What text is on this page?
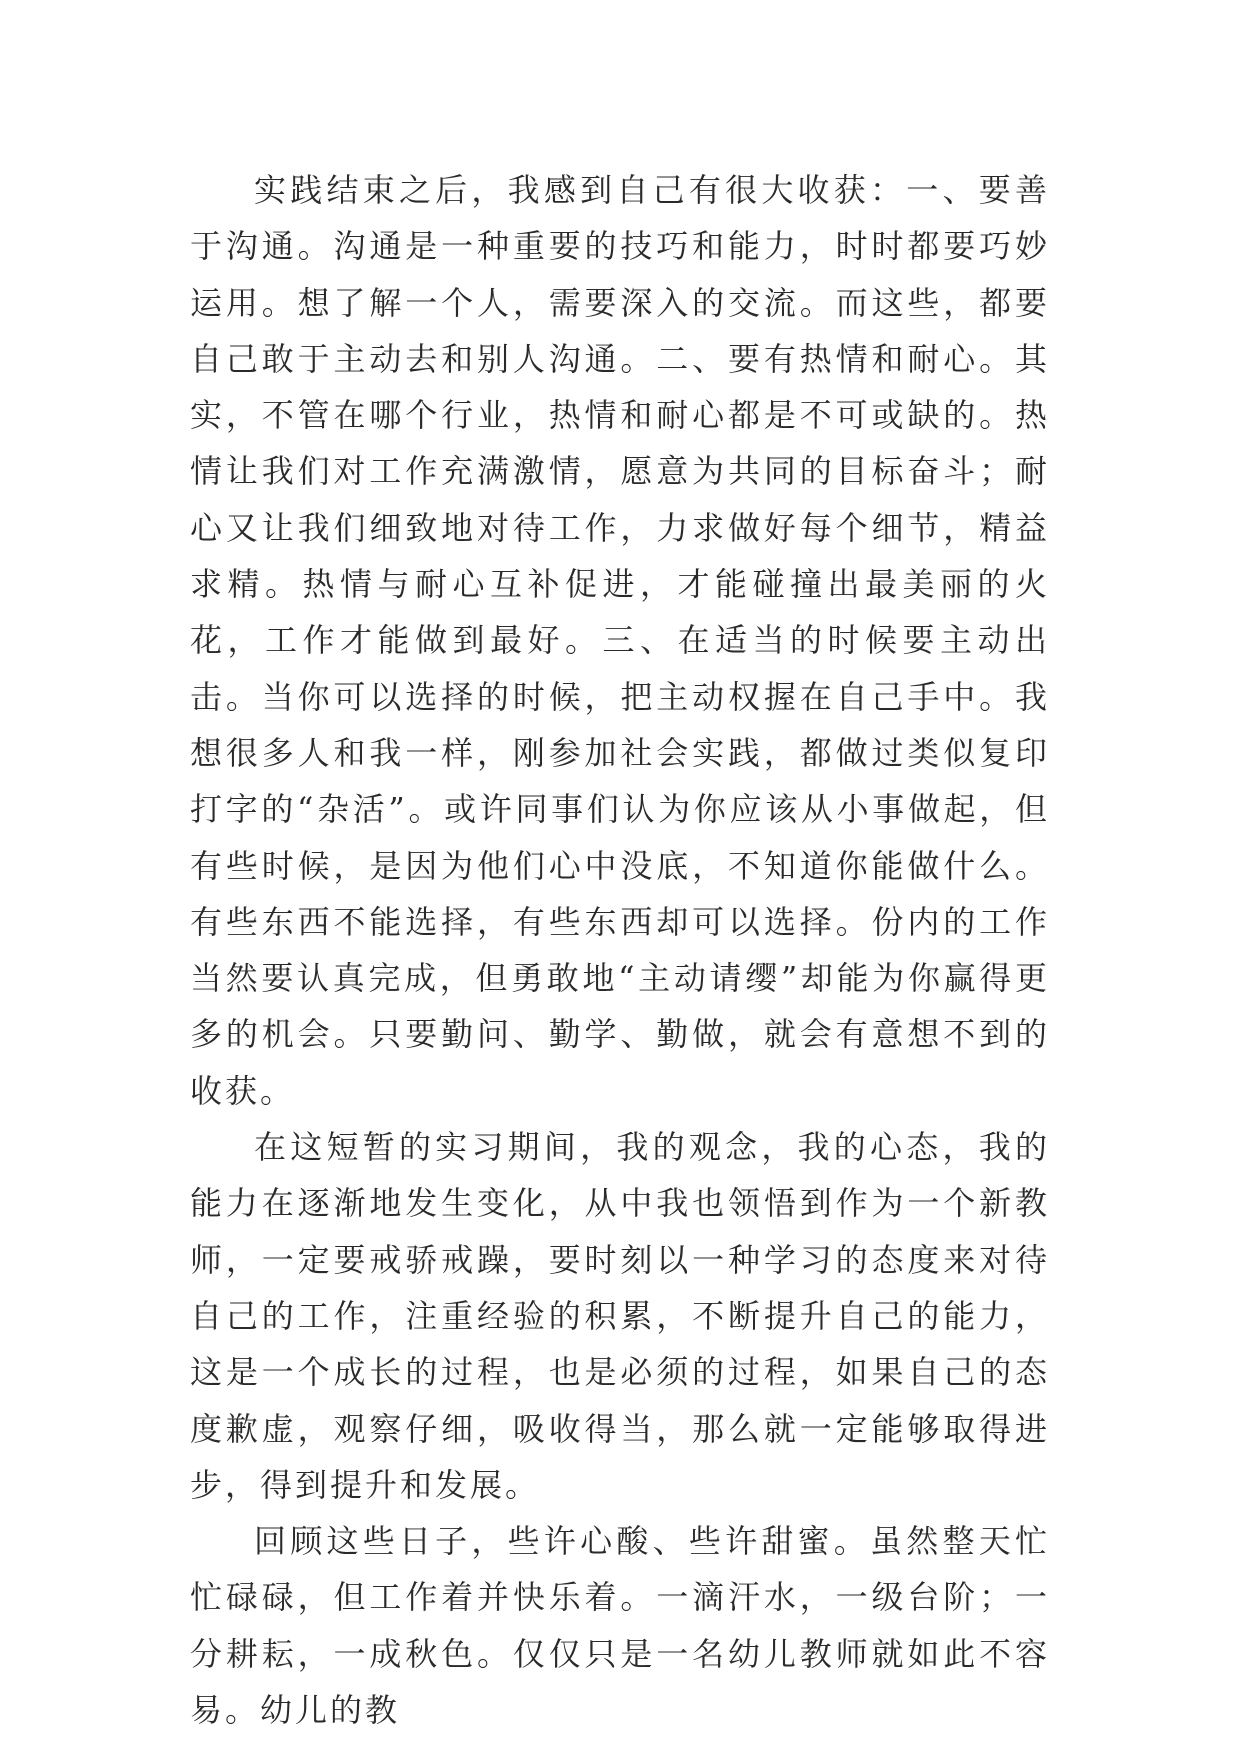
实践结束之后，我感到自己有很大收获：一、要善于沟通。沟通是一种重要的技巧和能力，时时都要巧妙运用。想了解一个人，需要深入的交流。而这些，都要自己敢于主动去和别人沟通。二、要有热情和耐心。其实，不管在哪个行业，热情和耐心都是不可或缺的。热情让我们对工作充满激情，愿意为共同的目标奋斗；耐心又让我们细致地对待工作，力求做好每个细节，精益求精。热情与耐心互补促进，才能碰撞出最美丽的火花，工作才能做到最好。三、在适当的时候要主动出击。当你可以选择的时候，把主动权握在自己手中。我想很多人和我一样，刚参加社会实践，都做过类似复印打字的“杂活”。或许同事们认为你应该从小事做起，但有些时候，是因为他们心中没底，不知道你能做什么。有些东西不能选择，有些东西却可以选择。份内的工作当然要认真完成，但勇敢地“主动请缨”却能为你赢得更多的机会。只要勤问、勤学、勤做，就会有意想不到的收获。

在这短暂的实习期间，我的观念，我的心态，我的能力在逐渐地发生变化，从中我也领悟到作为一个新教师，一定要戒骄戒躁，要时刻以一种学习的态度来对待自己的工作，注重经验的积累，不断提升自己的能力，这是一个成长的过程，也是必须的过程，如果自己的态度歉虚，观察仔细，吸收得当，那么就一定能够取得进步，得到提升和发展。

回顾这些日子，些许心酸、些许甜蜜。虽然整天忙忙碌碌，但工作着并快乐着。一滴汗水，一级台阶；一分耕耘，一成秋色。仅仅只是一名幼儿教师就如此不容易。幼儿的教
